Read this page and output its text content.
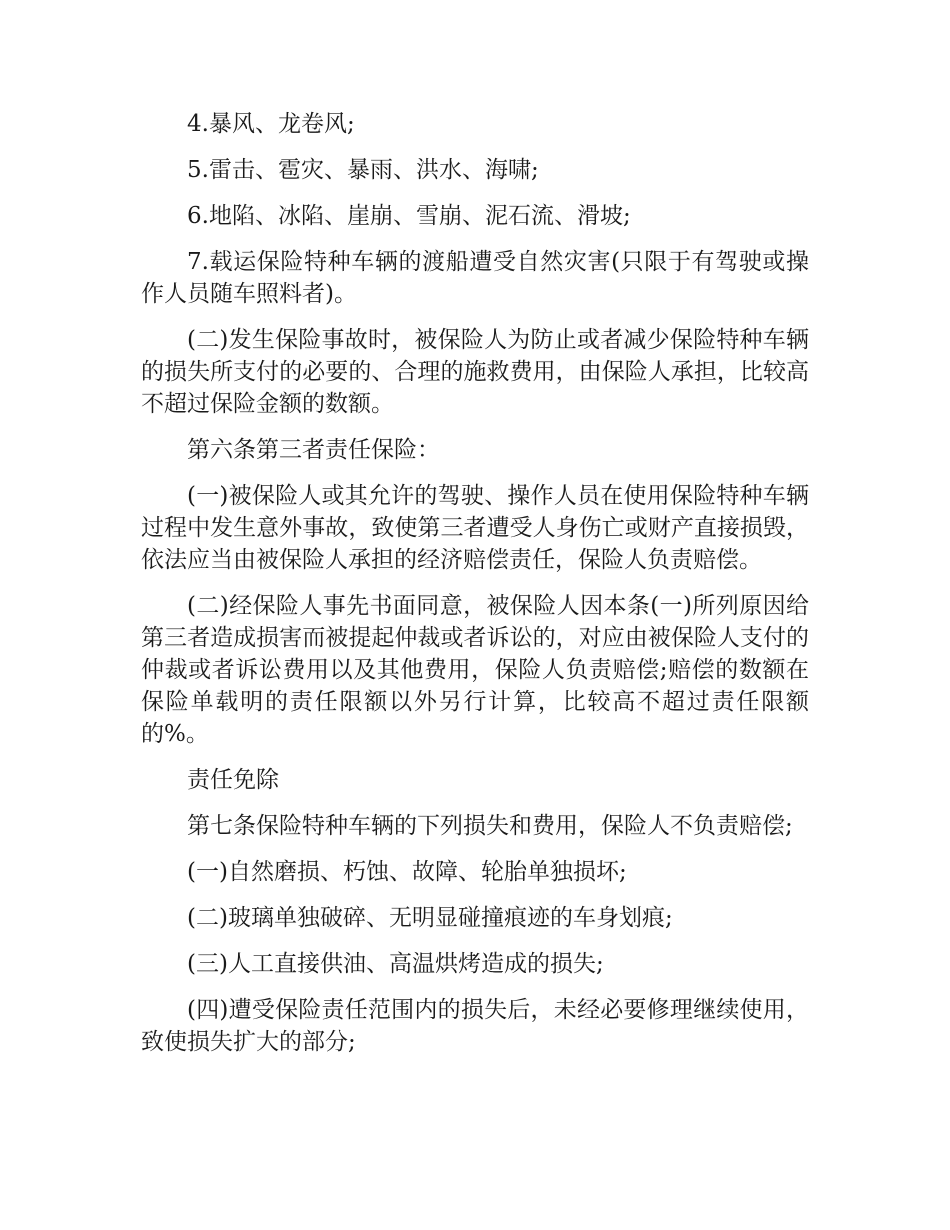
4.暴风、龙卷风;

5.雷击、雹灾、暴雨、洪水、海啸;

6.地陷、冰陷、崖崩、雪崩、泥石流、滑坡;

7.载运保险特种车辆的渡船遭受自然灾害(只限于有驾驶或操作人员随车照料者)。

(二)发生保险事故时，被保险人为防止或者减少保险特种车辆的损失所支付的必要的、合理的施救费用，由保险人承担，比较高不超过保险金额的数额。

第六条第三者责任保险：

(一)被保险人或其允许的驾驶、操作人员在使用保险特种车辆过程中发生意外事故，致使第三者遭受人身伤亡或财产直接损毁，依法应当由被保险人承担的经济赔偿责任，保险人负责赔偿。

(二)经保险人事先书面同意，被保险人因本条(一)所列原因给第三者造成损害而被提起仲裁或者诉讼的，对应由被保险人支付的仲裁或者诉讼费用以及其他费用，保险人负责赔偿;赔偿的数额在保险单载明的责任限额以外另行计算，比较高不超过责任限额的%。

责任免除

第七条保险特种车辆的下列损失和费用，保险人不负责赔偿;

(一)自然磨损、朽蚀、故障、轮胎单独损坏;

(二)玻璃单独破碎、无明显碰撞痕迹的车身划痕;

(三)人工直接供油、高温烘烤造成的损失;

(四)遭受保险责任范围内的损失后，未经必要修理继续使用，致使损失扩大的部分;
